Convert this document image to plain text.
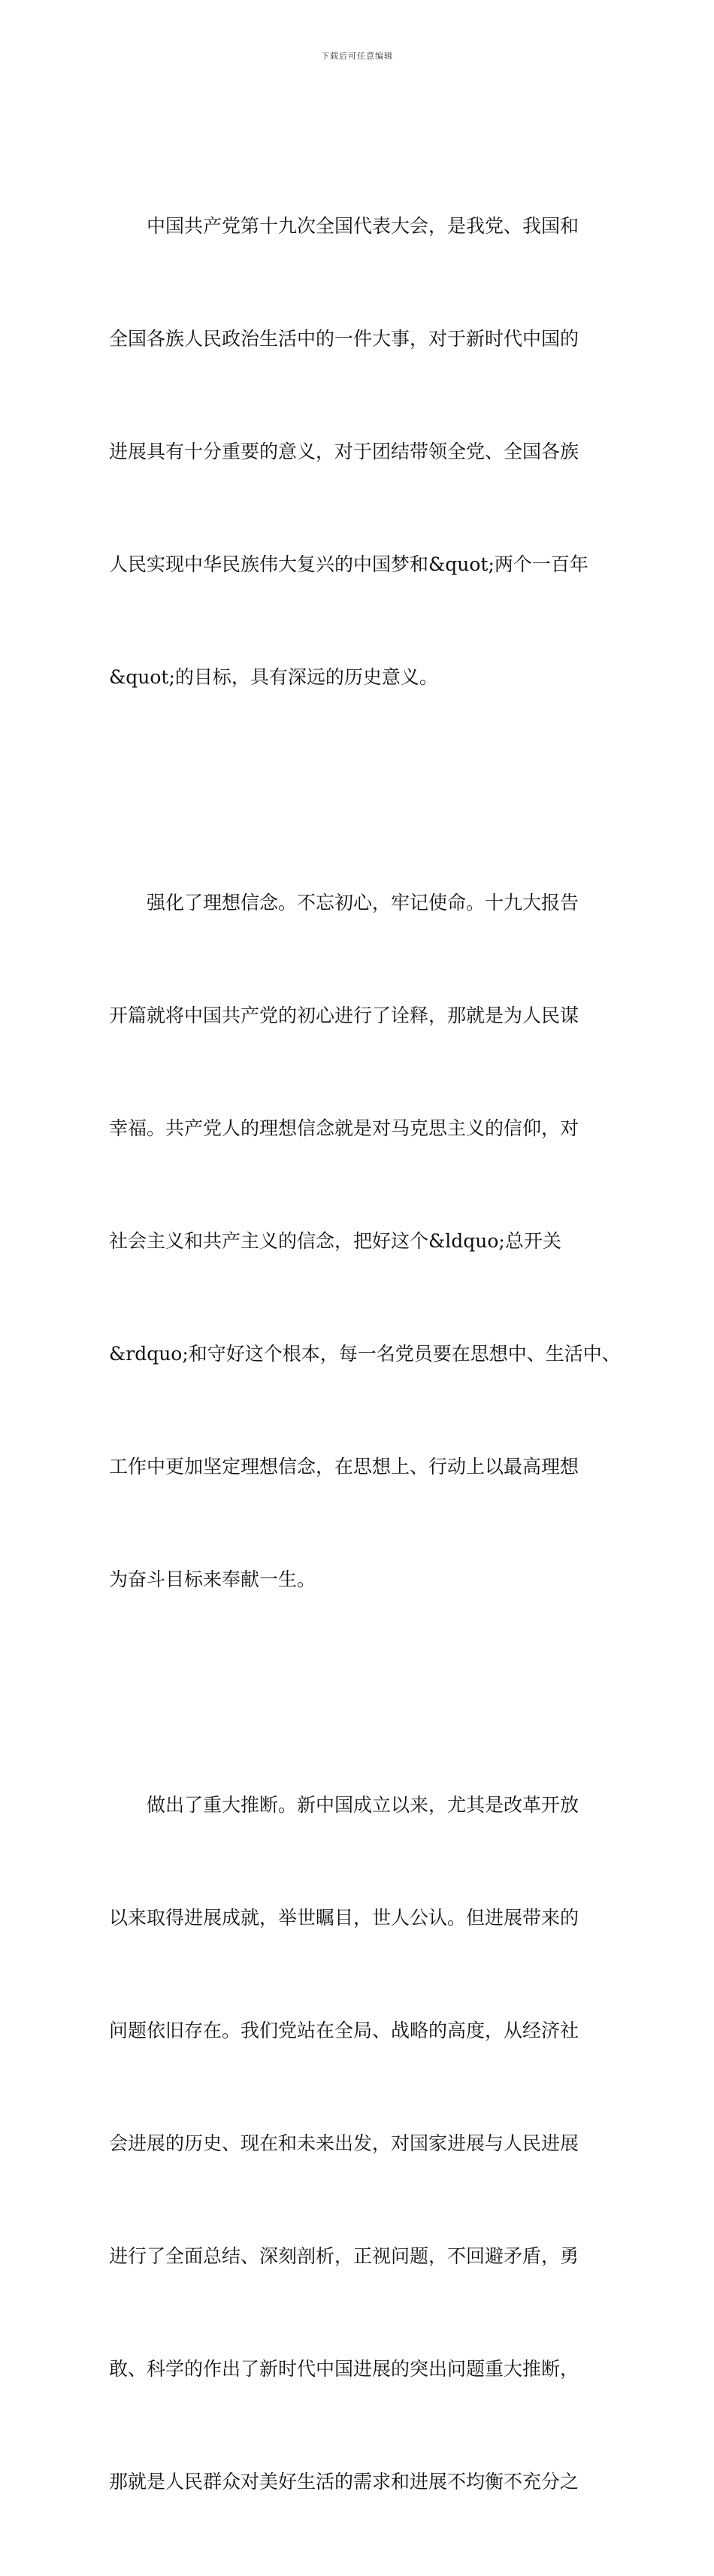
下载后可任意编辑

　　中国共产党第十九次全国代表大会，是我党、我国和

全国各族人民政治生活中的一件大事，对于新时代中国的

进展具有十分重要的意义，对于团结带领全党、全国各族

人民实现中华民族伟大复兴的中国梦和&quot;两个一百年

&quot;的目标，具有深远的历史意义。

　　强化了理想信念。不忘初心，牢记使命。十九大报告

开篇就将中国共产党的初心进行了诠释，那就是为人民谋

幸福。共产党人的理想信念就是对马克思主义的信仰，对

社会主义和共产主义的信念，把好这个&ldquo;总开关

&rdquo;和守好这个根本，每一名党员要在思想中、生活中、

工作中更加坚定理想信念，在思想上、行动上以最高理想

为奋斗目标来奉献一生。

　　做出了重大推断。新中国成立以来，尤其是改革开放

以来取得进展成就，举世瞩目，世人公认。但进展带来的

问题依旧存在。我们党站在全局、战略的高度，从经济社

会进展的历史、现在和未来出发，对国家进展与人民进展

进行了全面总结、深刻剖析，正视问题，不回避矛盾，勇

敢、科学的作出了新时代中国进展的突出问题重大推断，

那就是人民群众对美好生活的需求和进展不均衡不充分之
